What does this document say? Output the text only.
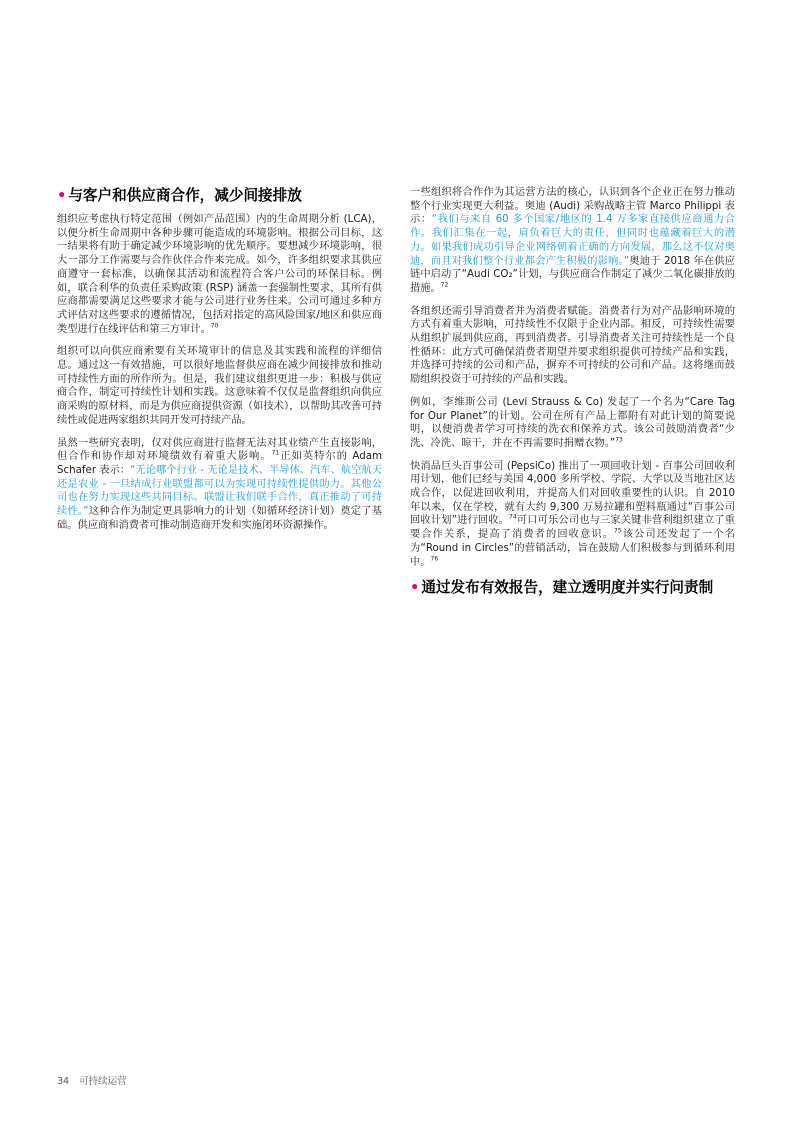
• 与客户和供应商合作，减少间接排放

组织应考虑执行特定范围（例如产品范围）内的生命周期分析 (LCA)，以便分析生命周期中各种步骤可能造成的环境影响。根据公司目标，这一结果将有助于确定减少环境影响的优先顺序。要想减少环境影响，很大一部分工作需要与合作伙伴合作来完成。如今，许多组织要求其供应商遵守一套标准，以确保其活动和流程符合客户公司的环保目标。例如，联合利华的负责任采购政策 (RSP) 涵盖一套强制性要求，其所有供应商都需要满足这些要求才能与公司进行业务往来。公司可通过多种方式评估对这些要求的遵循情况，包括对指定的高风险国家/地区和供应商类型进行在线评估和第三方审计。$^{70}$

组织可以向供应商索要有关环境审计的信息及其实践和流程的详细信息。通过这一有效措施，可以很好地监督供应商在减少间接排放和推动可持续性方面的所作所为。但是，我们建议组织更进一步：积极与供应商合作，制定可持续性计划和实践。这意味着不仅仅是监督组织向供应商采购的原材料，而是为供应商提供资源（如技术），以帮助其改善可持续性或促进两家组织共同开发可持续产品。

虽然一些研究表明，仅对供应商进行监督无法对其业绩产生直接影响，但合作和协作却对环境绩效有着重大影响。$^{71}$正如英特尔的 Adam Schafer 表示：“无论哪个行业 - 无论是技术、半导体、汽车、航空航天还是农业 - 一旦结成行业联盟都可以为实现可持续性提供助力。其他公司也在努力实现这些共同目标。联盟让我们联手合作，真正推动了可持续性。”这种合作为制定更具影响力的计划（如循环经济计划）奠定了基础。供应商和消费者可推动制造商开发和实施闭环资源操作。

一些组织将合作作为其运营方法的核心，认识到各个企业正在努力推动整个行业实现更大利益。奥迪 (Audi) 采购战略主管 Marco Philippi 表示：“我们与来自 60 多个国家/地区的 1.4 万多家直接供应商通力合作。我们汇集在一起，肩负着巨大的责任，但同时也蕴藏着巨大的潜力。如果我们成功引导企业网络朝着正确的方向发展，那么这不仅对奥迪，而且对我们整个行业都会产生积极的影响。”奥迪于 2018 年在供应链中启动了“Audi CO₂”计划，与供应商合作制定了减少二氧化碳排放的措施。$^{72}$

各组织还需引导消费者并为消费者赋能。消费者行为对产品影响环境的方式有着重大影响，可持续性不仅限于企业内部。相反，可持续性需要从组织扩展到供应商，再到消费者。引导消费者关注可持续性是一个良性循环：此方式可确保消费者期望并要求组织提供可持续产品和实践，并选择可持续的公司和产品，摒弃不可持续的公司和产品。这将继而鼓励组织投资于可持续的产品和实践。

例如，李维斯公司 (Levi Strauss & Co) 发起了一个名为“Care Tag for Our Planet”的计划。公司在所有产品上都附有对此计划的简要说明，以便消费者学习可持续的洗衣和保养方式。该公司鼓励消费者“少洗、冷洗、晾干，并在不再需要时捐赠衣物。”$^{73}$

快消品巨头百事公司 (PepsiCo) 推出了一项回收计划 - 百事公司回收利用计划，他们已经与美国 4,000 多所学校、学院、大学以及当地社区达成合作，以促进回收利用，并提高人们对回收重要性的认识。自 2010 年以来，仅在学校，就有大约 9,300 万易拉罐和塑料瓶通过“百事公司回收计划”进行回收。$^{74}$可口可乐公司也与三家关键非营利组织建立了重要合作关系，提高了消费者的回收意识。$^{75}$该公司还发起了一个名为“Round in Circles”的营销活动，旨在鼓励人们积极参与到循环利用中。$^{76}$

• 通过发布有效报告，建立透明度并实行问责制
34 可持续运营
